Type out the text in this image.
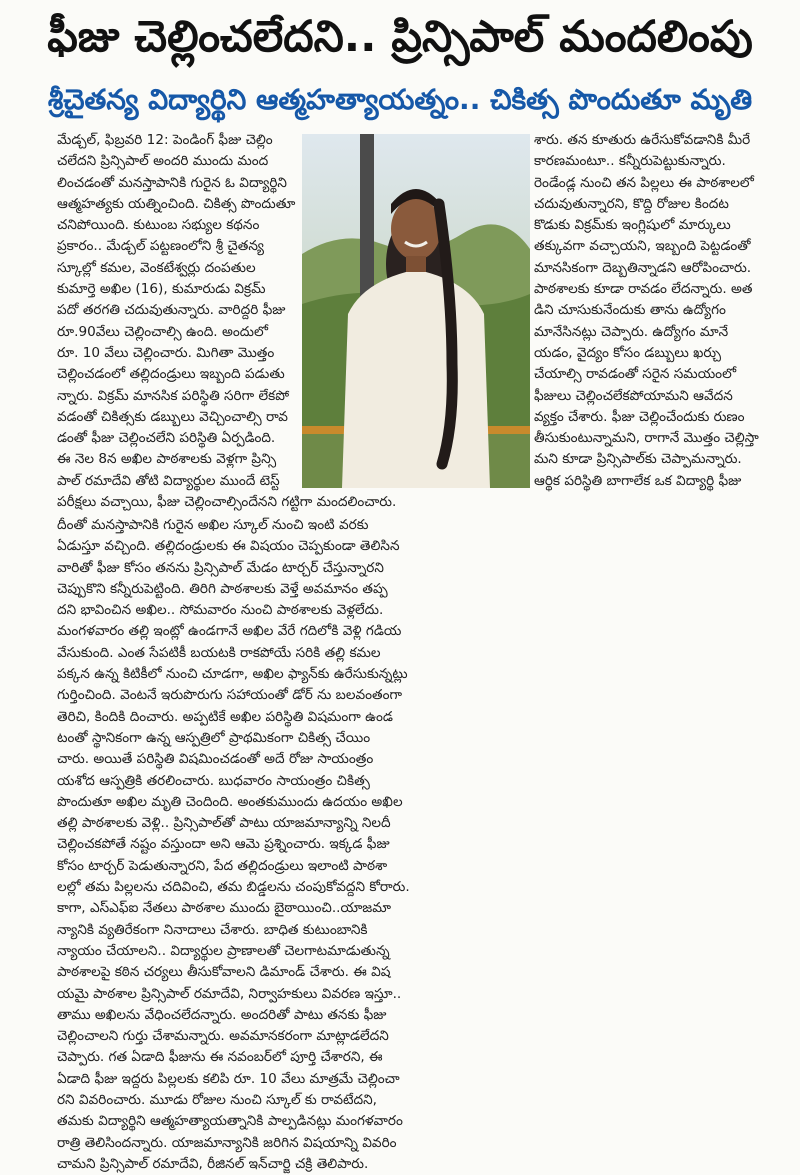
ఫీజు చెల్లించలేదని.. ప్రిన్సిపాల్ మందలింపు
శ్రీచైతన్య విద్యార్థిని ఆత్మహత్యాయత్నం.. చికిత్స పొందుతూ మృతి
మేడ్చల్, ఫిబ్రవరి 12: పెండింగ్ ఫీజు చెల్లిం
చలేదని ప్రిన్సిపాల్ అందరి ముందు మంద
లించడంతో మనస్తాపానికి గురైన ఓ విద్యార్థిని
ఆత్మహత్యకు యత్నించింది. చికిత్స పొందుతూ
చనిపోయింది. కుటుంబ సభ్యుల కథనం
ప్రకారం.. మేడ్చల్ పట్టణంలోని శ్రీ చైతన్య
స్కూల్లో కమల, వెంకటేశ్వర్లు దంపతుల
కుమార్తె అఖిల (16), కుమారుడు విక్రమ్
పదో తరగతి చదువుతున్నారు. వారిద్దరి ఫీజు
రూ.90వేలు చెల్లించాల్సి ఉంది. అందులో
రూ. 10 వేలు చెల్లించారు. మిగితా మొత్తం
చెల్లించడంలో తల్లిదండ్రులు ఇబ్బంది పడుతు
న్నారు. విక్రమ్ మానసిక పరిస్థితి సరిగా లేకపో
వడంతో చికిత్సకు డబ్బులు వెచ్చించాల్సి రావ
డంతో ఫీజు చెల్లించలేని పరిస్థితి ఏర్పడింది.
ఈ నెల 8న అఖిల పాఠశాలకు వెళ్లగా ప్రిన్సి
పాల్ రమాదేవి తోటి విద్యార్థుల ముందే టెస్ట్
పరీక్షలు వచ్చాయి, ఫీజు చెల్లించాల్సిందేనని గట్టిగా మందలించారు.
శారు. తన కూతురు ఉరేసుకోవడానికి మీరే
కారణమంటూ.. కన్నీరుపెట్టుకున్నారు.
రెండేండ్ల నుంచి తన పిల్లలు ఈ పాఠశాలలో
చదువుతున్నారని, కొద్ది రోజుల కిందట
కొడుకు విక్రమ్‌కు ఇంగ్లిషులో మార్కులు
తక్కువగా వచ్చాయని, ఇబ్బంది పెట్టడంతో
మానసికంగా దెబ్బతిన్నాడని ఆరోపించారు.
పాఠశాలకు కూడా రావడం లేదన్నారు. అత
డిని చూసుకునేందుకు తాను ఉద్యోగం
మానేసినట్లు చెప్పారు. ఉద్యోగం మానే
యడం, వైద్యం కోసం డబ్బులు ఖర్చు
చేయాల్సి రావడంతో సరైన సమయంలో
ఫీజులు చెల్లించలేకపోయామని ఆవేదన
వ్యక్తం చేశారు. ఫీజు చెల్లించేందుకు రుణం
తీసుకుంటున్నామని, రాగానే మొత్తం చెల్లిస్తా
మని కూడా ప్రిన్సిపాల్‌కు చెప్పామన్నారు.
ఆర్థిక పరిస్థితి బాగాలేక ఒక విద్యార్థి ఫీజు
దీంతో మనస్తాపానికి గురైన అఖిల స్కూల్ నుంచి ఇంటి వరకు
ఏడుస్తూ వచ్చింది. తల్లిదండ్రులకు ఈ విషయం చెప్పకుండా తెలిసిన
వారితో ఫీజు కోసం తనను ప్రిన్సిపాల్ మేడం టార్చర్ చేస్తున్నారని
చెప్పుకొని కన్నీరుపెట్టింది. తిరిగి పాఠశాలకు వెళ్తే అవమానం తప్ప
దని భావించిన అఖిల.. సోమవారం నుంచి పాఠశాలకు వెళ్లలేదు.
మంగళవారం తల్లి ఇంట్లో ఉండగానే అఖిల వేరే గదిలోకి వెళ్లి గడియ
వేసుకుంది. ఎంత సేపటికీ బయటకి రాకపోయే సరికి తల్లి కమల
పక్కన ఉన్న కిటికీలో నుంచి చూడగా, అఖిల ఫ్యాన్‌కు ఉరేసుకున్నట్లు
గుర్తించింది. వెంటనే ఇరుపొరుగు సహాయంతో డోర్ ను బలవంతంగా
తెరిచి, కిందికి దించారు. అప్పటికే అఖిల పరిస్థితి విషమంగా ఉండ
టంతో స్థానికంగా ఉన్న ఆస్పత్రిలో ప్రాథమికంగా చికిత్స చేయిం
చారు. అయితే పరిస్థితి విషమించడంతో అదే రోజు సాయంత్రం
యశోద ఆస్పత్రికి తరలించారు. బుధవారం సాయంత్రం చికిత్స
పొందుతూ అఖిల మృతి చెందింది. అంతకుముందు ఉదయం అఖిల
తల్లి పాఠశాలకు వెళ్లి.. ప్రిన్సిపాల్‌తో పాటు యాజమాన్యాన్ని నిలదీ
చెల్లించకపోతే నష్టం వస్తుందా అని ఆమె ప్రశ్నించారు. ఇక్కడ ఫీజు
కోసం టార్చర్ పెడుతున్నారని, పేద తల్లిదండ్రులు ఇలాంటి పాఠశా
లల్లో తమ పిల్లలను చదివించి, తమ బిడ్డలను చంపుకోవద్దని కోరారు.
కాగా, ఎస్ఎఫ్ఐ నేతలు పాఠశాల ముందు బైఠాయించి..యాజమా
న్యానికి వ్యతిరేకంగా నినాదాలు చేశారు. బాధిత కుటుంబానికి
న్యాయం చేయాలని.. విద్యార్థుల ప్రాణాలతో చెలగాటమాడుతున్న
పాఠశాలపై కఠిన చర్యలు తీసుకోవాలని డిమాండ్ చేశారు. ఈ విష
యమై పాఠశాల ప్రిన్సిపాల్ రమాదేవి, నిర్వాహకులు వివరణ ఇస్తూ..
తాము అఖిలను వేధించలేదన్నారు. అందరితో పాటు తనకు ఫీజు
చెల్లించాలని గుర్తు చేశామన్నారు. అవమానకరంగా మాట్లాడలేదని
చెప్పారు. గత ఏడాది ఫీజును ఈ నవంబర్‌లో పూర్తి చేశారని, ఈ
ఏడాది ఫీజు ఇద్దరు పిల్లలకు కలిపి రూ. 10 వేలు మాత్రమే చెల్లించా
రని వివరించారు. మూడు రోజుల నుంచి స్కూల్ కు రావటేదని,
తమకు విద్యార్థిని ఆత్మహత్యాయత్నానికి పాల్పడినట్లు మంగళవారం
రాత్రి తెలిసిందన్నారు. యాజమాన్యానికి జరిగిన విషయాన్ని వివరిం
చామని ప్రిన్సిపాల్ రమాదేవి, రీజినల్ ఇన్‌చార్జి చక్రి తెలిపారు.
